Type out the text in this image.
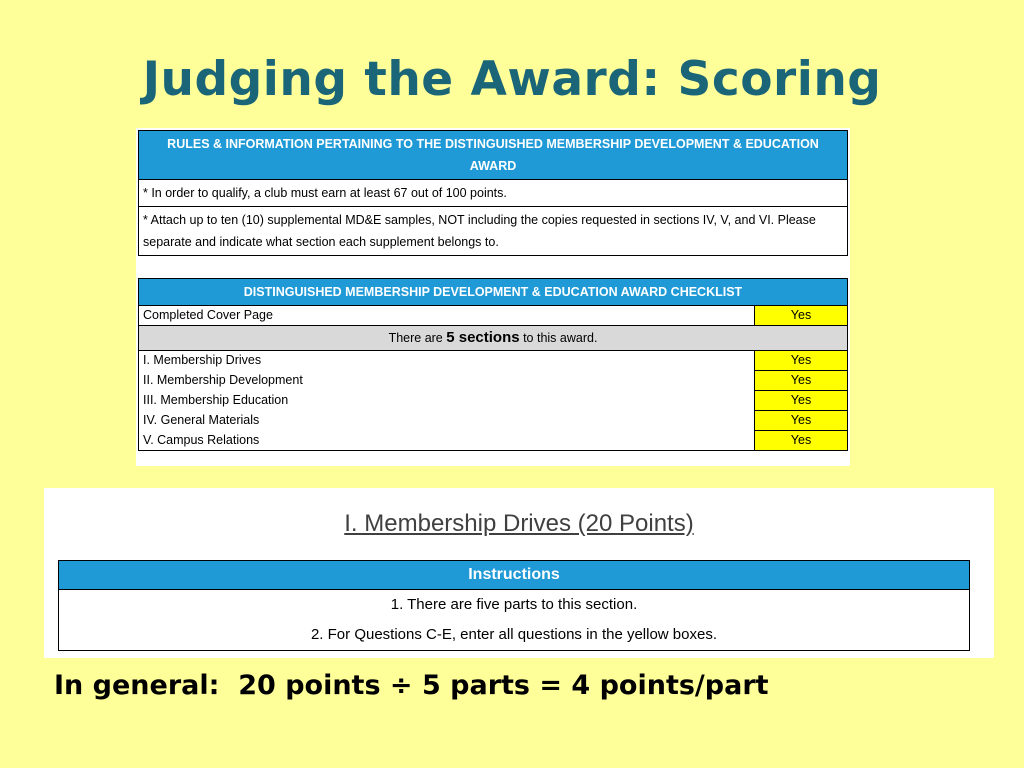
Judging the Award: Scoring
RULES & INFORMATION PERTAINING TO THE DISTINGUISHED MEMBERSHIP DEVELOPMENT & EDUCATION AWARD
* In order to qualify, a club must earn at least 67 out of 100 points.
* Attach up to ten (10) supplemental MD&E samples, NOT including the copies requested in sections IV, V, and VI. Please separate and indicate what section each supplement belongs to.
DISTINGUISHED MEMBERSHIP DEVELOPMENT & EDUCATION AWARD CHECKLIST	
Completed Cover Page	Yes
There are 5 sections to this award.	
I. Membership Drives	Yes
II. Membership Development	Yes
III. Membership Education	Yes
IV. General Materials	Yes
V. Campus Relations	Yes
I. Membership Drives (20 Points)
Instructions
1. There are five parts to this section.
2. For Questions C-E, enter all questions in the yellow boxes.
In general:  20 points ÷ 5 parts = 4 points/part
